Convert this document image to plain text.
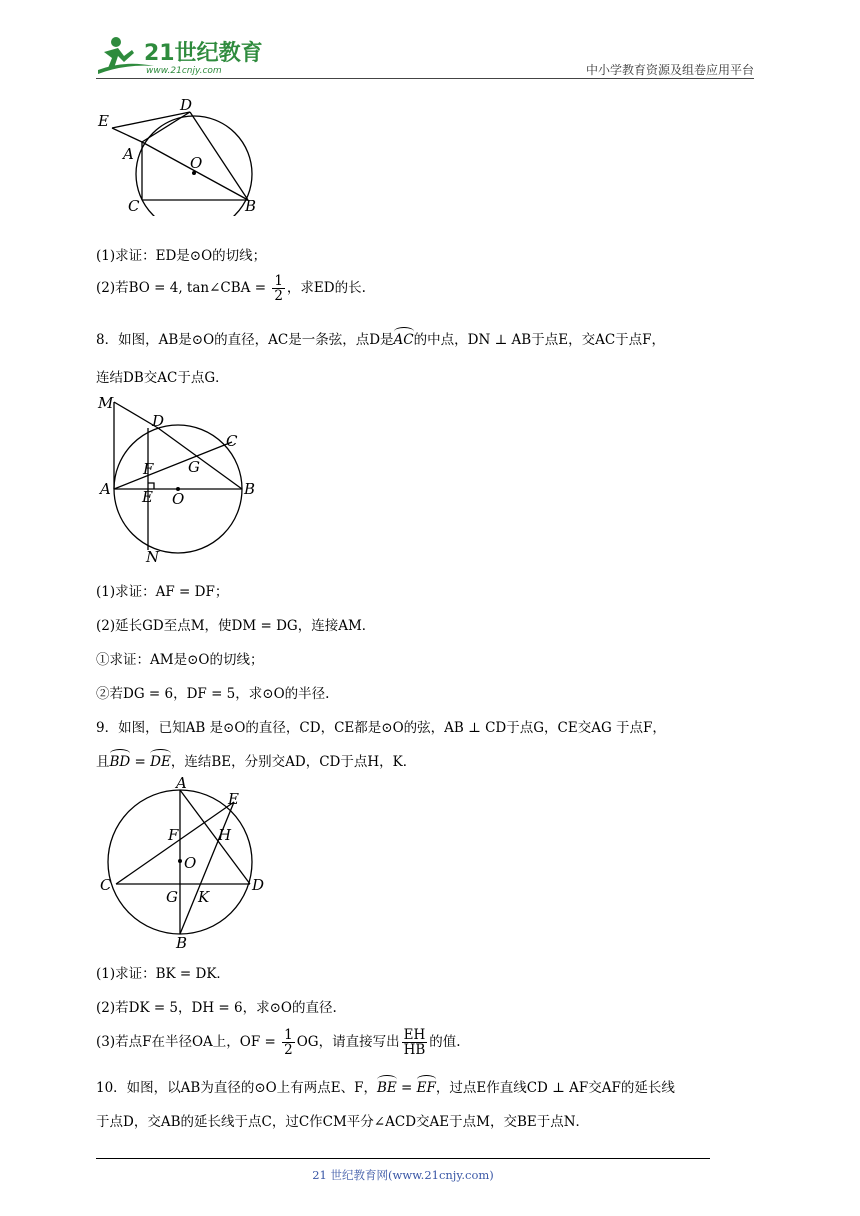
21世纪教育
www.21cnjy.com	中小学教育资源及组卷应用平台
E
D
A	O
C	B
(1)求证：ED是⊙O的切线；
(2)若BO = 4, tan∠CBA = $\frac{1}{2}$ ，求ED的长.
8．如图，AB是⊙O的直径，AC是一条弦，点D是AC的中点，DN ⊥ AB于点E，交AC于点F，
连结DB交AC于点G．
M
D
C
F G
A E O
B
N
(1)求证：AF = DF；
(2)延长GD至点M，使DM = DG，连接AM．
①求证：AM是⊙O的切线；
②若DG = 6，DF = 5，求⊙O的半径.
9．如图，已知AB 是⊙O的直径，CD，CE都是⊙O的弦，AB ⊥ CD于点G，CE交AG 于点F，
且BD = DE，连结BE，分别交AD，CD于点H，K．
A
E
F	H
O
C
G K
D
B
(1)求证：BK = DK．
(2)若DK = 5，DH = 6，求⊙O的直径.
(3)若点F在半径OA上，OF = $\frac{1}{2}$ OG，请直接写出 $\frac{EH}{HB}$ 的值.
10．如图，以AB为直径的⊙O上有两点E、F，BE = EF，过点E作直线CD ⊥ AF交AF的延长线
于点D，交AB的延长线于点C，过C作CM平分∠ACD交AE于点M，交BE于点N．
21 世纪教育网(www.21cnjy.com)
